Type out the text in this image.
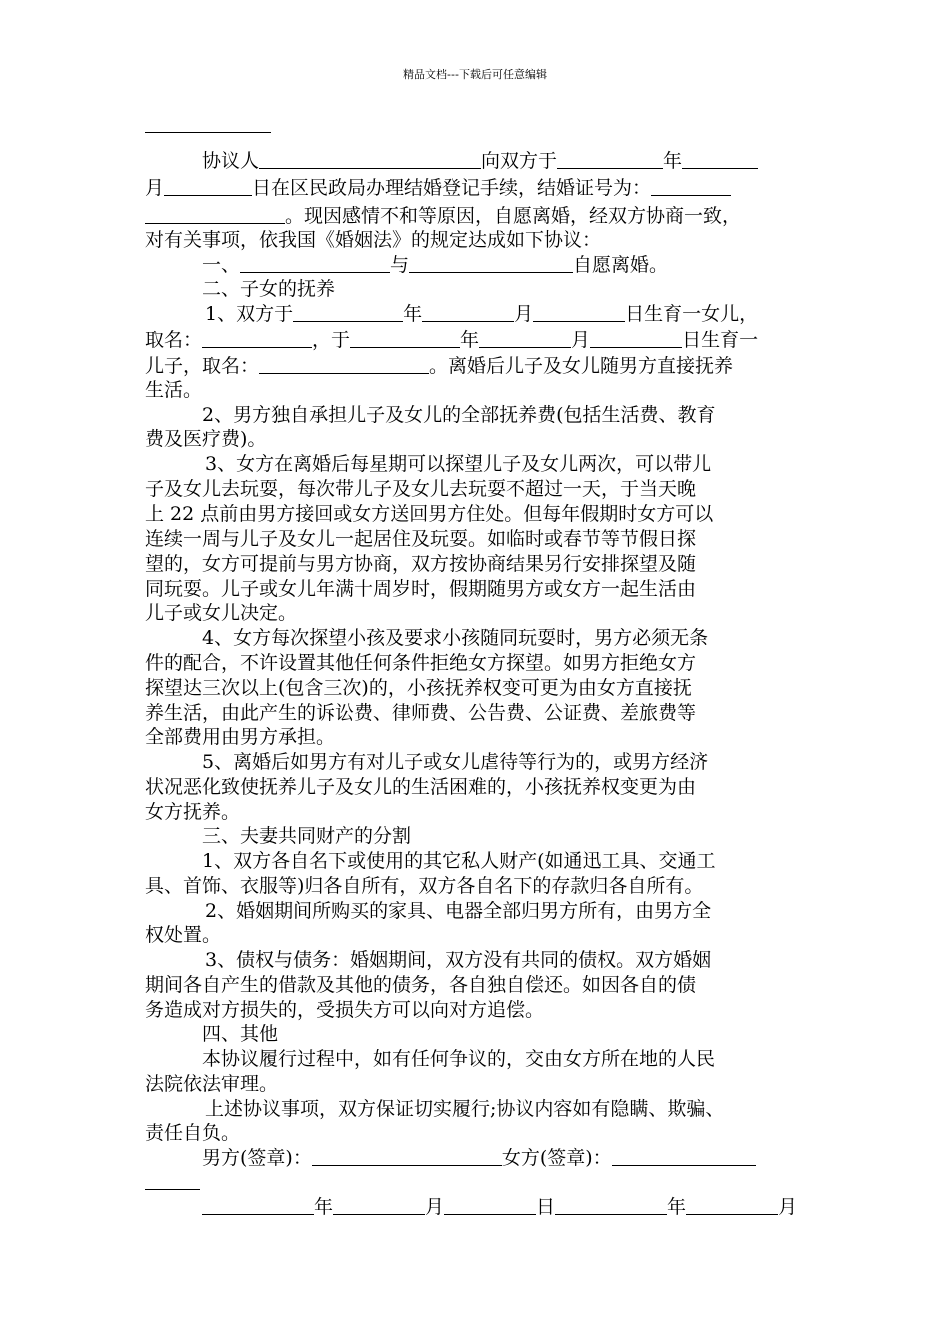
精品文档---下载后可任意编辑
协议人	向双方于	年
月	日在区民政局办理结婚登记手续，结婚证号为：
。现因感情不和等原因，自愿离婚，经双方协商一致，
对有关事项，依我国《婚姻法》的规定达成如下协议：
一、	与	自愿离婚。
二、子女的抚养
1、双方于	年	月	日生育一女儿，
取名：	，于	年	月	日生育一
儿子，取名：	。离婚后儿子及女儿随男方直接抚养
生活。
2、男方独自承担儿子及女儿的全部抚养费(包括生活费、教育
费及医疗费)。
3、女方在离婚后每星期可以探望儿子及女儿两次，可以带儿
子及女儿去玩耍，每次带儿子及女儿去玩耍不超过一天，于当天晚
上 22 点前由男方接回或女方送回男方住处。但每年假期时女方可以
连续一周与儿子及女儿一起居住及玩耍。如临时或春节等节假日探
望的，女方可提前与男方协商，双方按协商结果另行安排探望及随
同玩耍。儿子或女儿年满十周岁时，假期随男方或女方一起生活由
儿子或女儿决定。
4、女方每次探望小孩及要求小孩随同玩耍时，男方必须无条
件的配合，不许设置其他任何条件拒绝女方探望。如男方拒绝女方
探望达三次以上(包含三次)的，小孩抚养权变可更为由女方直接抚
养生活，由此产生的诉讼费、律师费、公告费、公证费、差旅费等
全部费用由男方承担。
5、离婚后如男方有对儿子或女儿虐待等行为的，或男方经济
状况恶化致使抚养儿子及女儿的生活困难的，小孩抚养权变更为由
女方抚养。
三、夫妻共同财产的分割
1、双方各自名下或使用的其它私人财产(如通迅工具、交通工
具、首饰、衣服等)归各自所有，双方各自名下的存款归各自所有。
2、婚姻期间所购买的家具、电器全部归男方所有，由男方全
权处置。
3、债权与债务：婚姻期间，双方没有共同的债权。双方婚姻
期间各自产生的借款及其他的债务，各自独自偿还。如因各自的债
务造成对方损失的，受损失方可以向对方追偿。
四、其他
本协议履行过程中，如有任何争议的，交由女方所在地的人民
法院依法审理。
上述协议事项，双方保证切实履行;协议内容如有隐瞒、欺骗、
责任自负。
男方(签章)：	女方(签章)：
年	月	日	年	月
